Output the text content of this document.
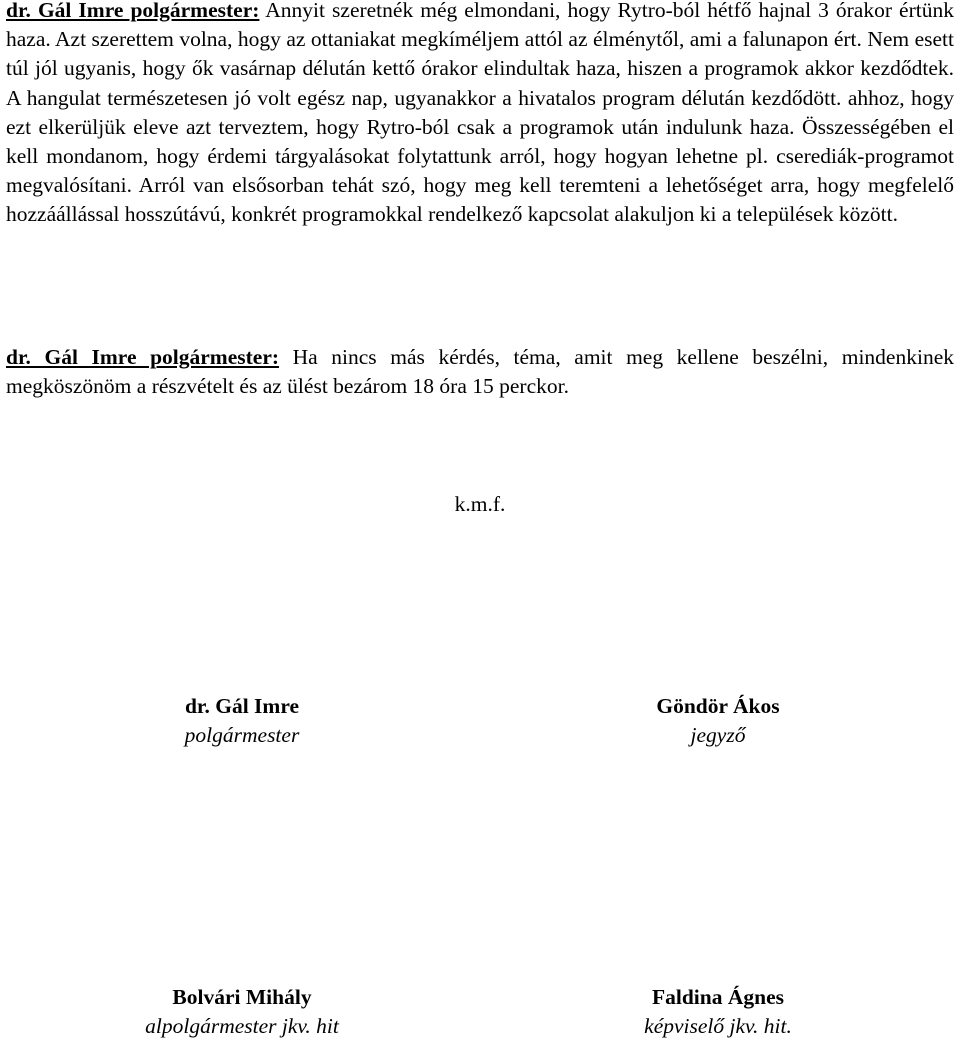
dr. Gál Imre polgármester: Annyit szeretnék még elmondani, hogy Rytro-ból hétfő hajnal 3 órakor értünk haza. Azt szerettem volna, hogy az ottaniakat megkíméljem attól az élménytől, ami a falunapon ért. Nem esett túl jól ugyanis, hogy ők vasárnap délután kettő órakor elindultak haza, hiszen a programok akkor kezdődtek. A hangulat természetesen jó volt egész nap, ugyanakkor a hivatalos program délután kezdődött. ahhoz, hogy ezt elkerüljük eleve azt terveztem, hogy Rytro-ból csak a programok után indulunk haza. Összességében el kell mondanom, hogy érdemi tárgyalásokat folytattunk arról, hogy hogyan lehetne pl. cserediák-programot megvalósítani. Arról van elsősorban tehát szó, hogy meg kell teremteni a lehetőséget arra, hogy megfelelő hozzáállással hosszútávú, konkrét programokkal rendelkező kapcsolat alakuljon ki a települések között.

dr. Gál Imre polgármester: Ha nincs más kérdés, téma, amit meg kellene beszélni, mindenkinek megköszönöm a részvételt és az ülést bezárom 18 óra 15 perckor.

k.m.f.
dr. Gál Imre
polgármester
Göndör Ákos
jegyző
Bolvári Mihály
alpolgármester jkv. hit
Faldina Ágnes
képviselő jkv. hit.
